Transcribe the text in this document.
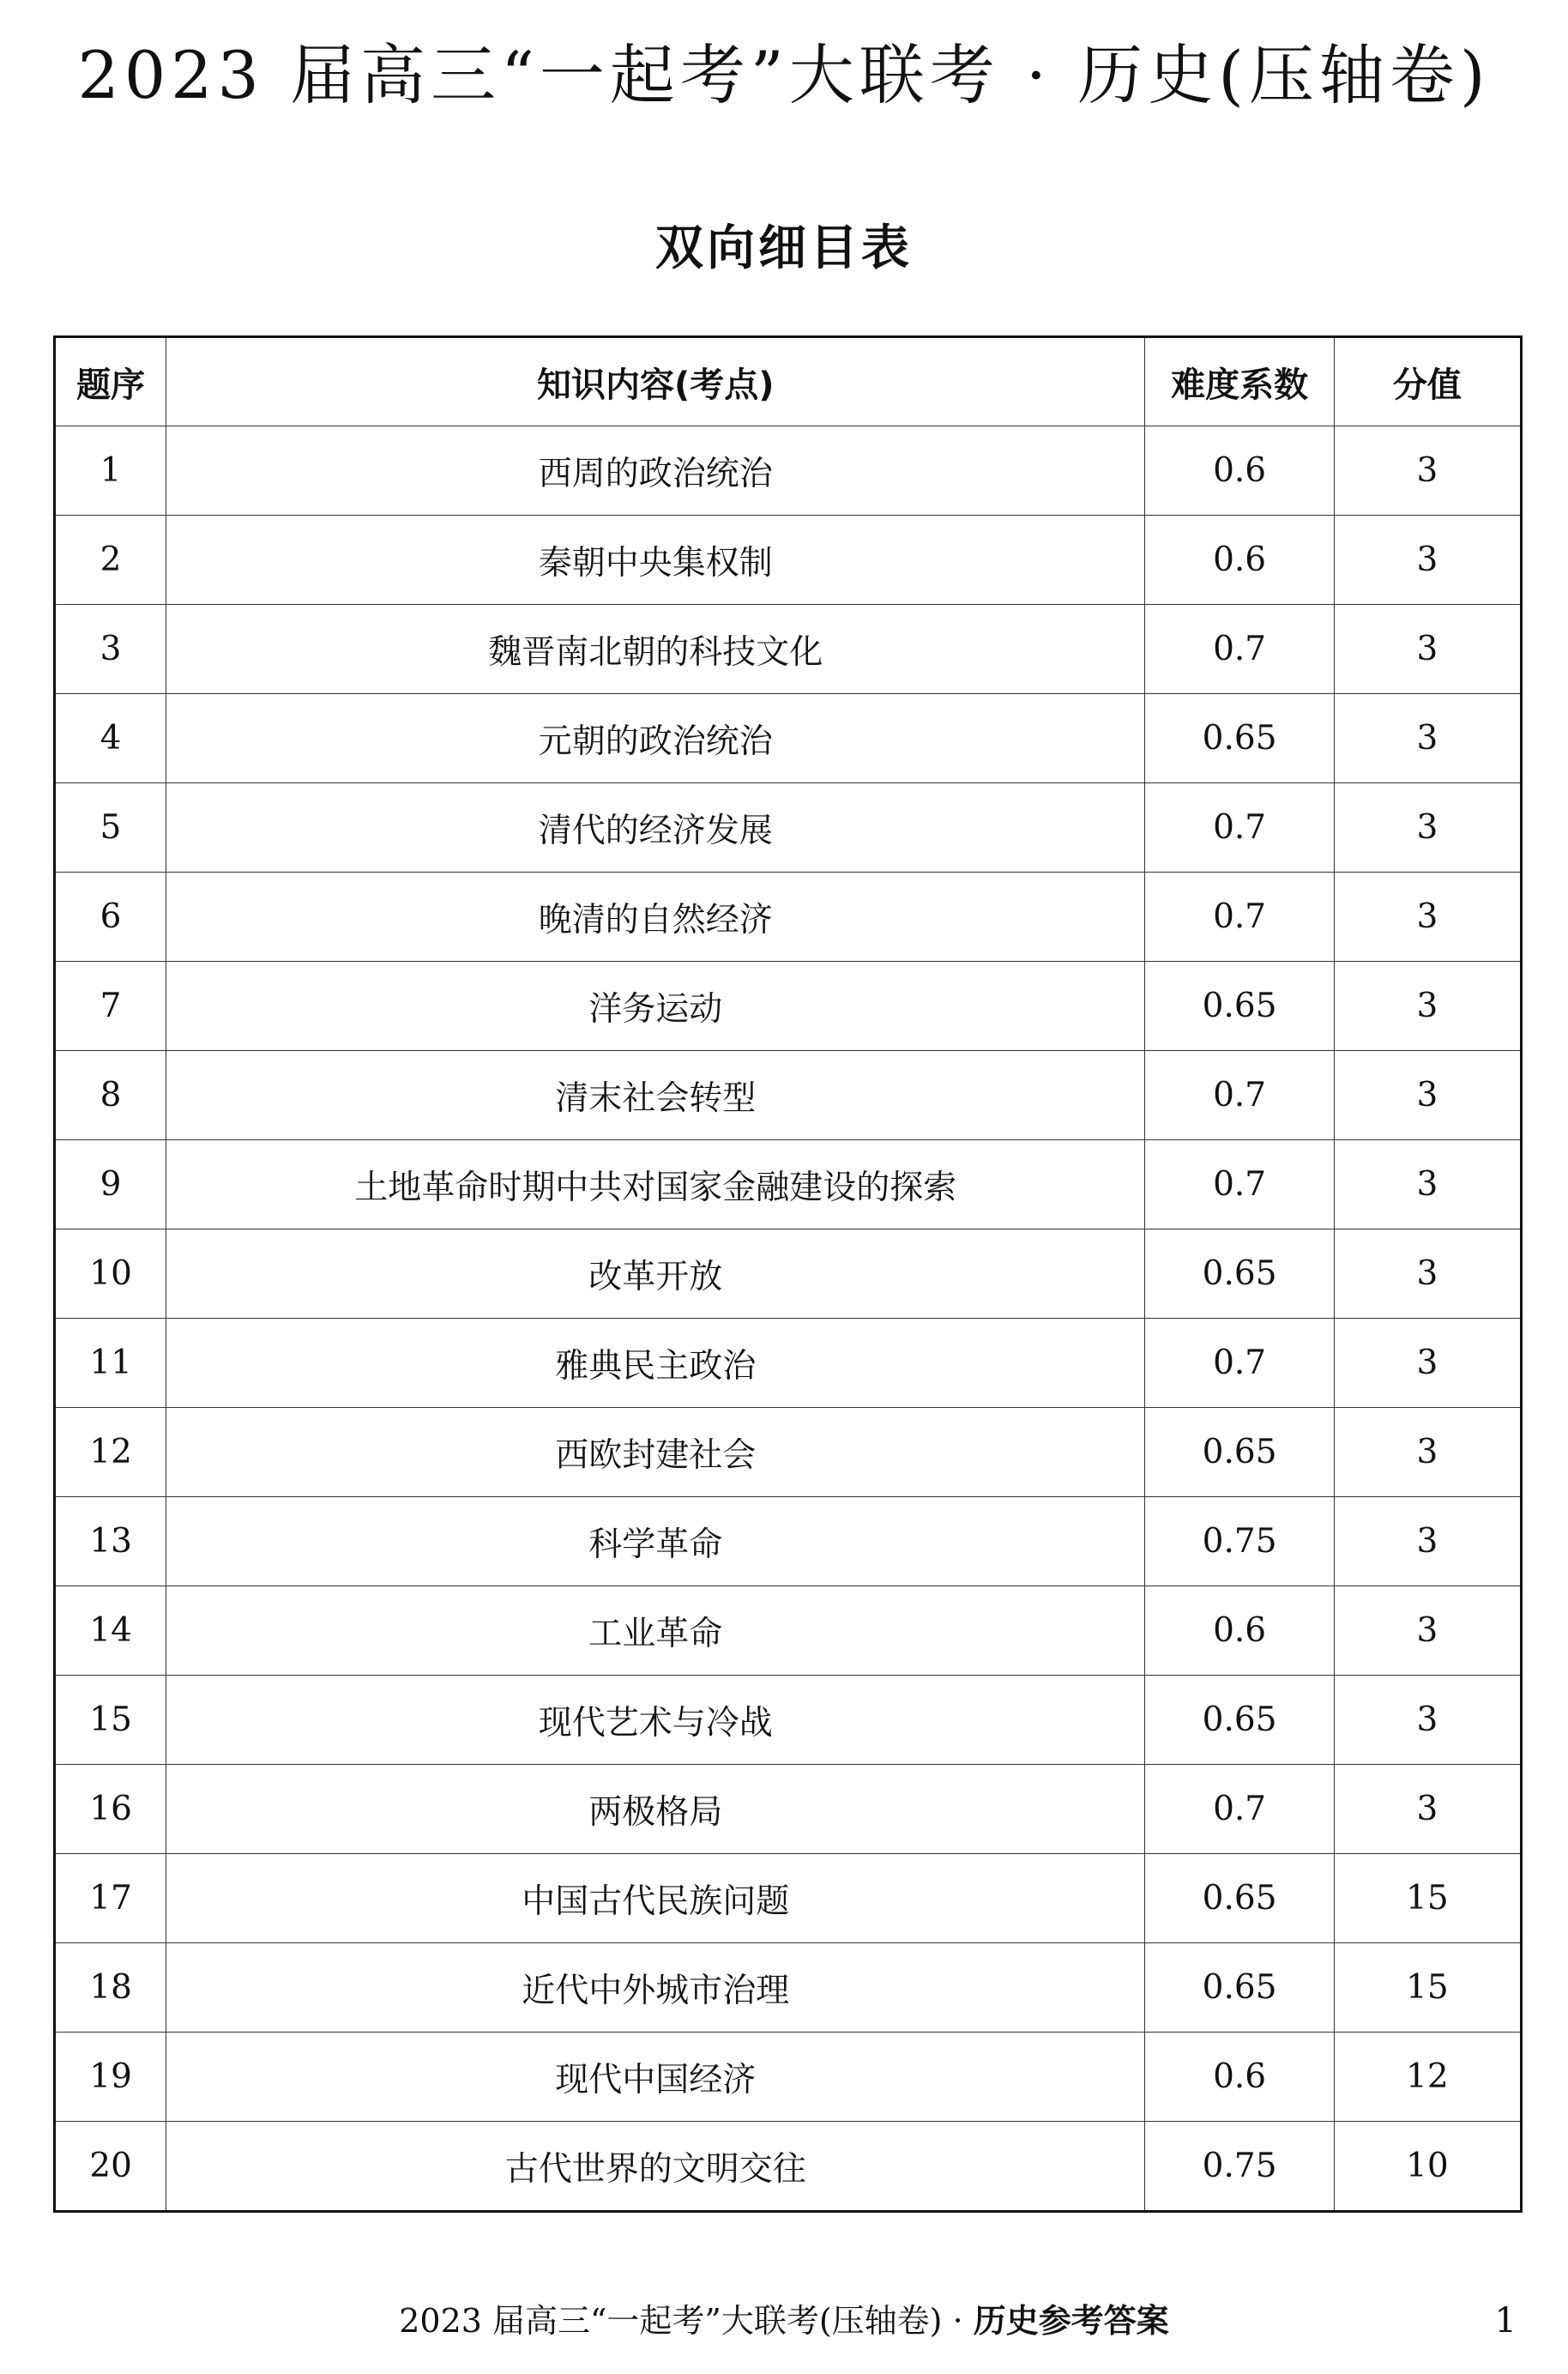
2023 届高三“一起考”大联考 · 历史(压轴卷)
双向细目表
题序	知识内容(考点)	难度系数	分值
1	西周的政治统治	0.6	3
2	秦朝中央集权制	0.6	3
3	魏晋南北朝的科技文化	0.7	3
4	元朝的政治统治	0.65	3
5	清代的经济发展	0.7	3
6	晚清的自然经济	0.7	3
7	洋务运动	0.65	3
8	清末社会转型	0.7	3
9	土地革命时期中共对国家金融建设的探索	0.7	3
10	改革开放	0.65	3
11	雅典民主政治	0.7	3
12	西欧封建社会	0.65	3
13	科学革命	0.75	3
14	工业革命	0.6	3
15	现代艺术与冷战	0.65	3
16	两极格局	0.7	3
17	中国古代民族问题	0.65	15
18	近代中外城市治理	0.65	15
19	现代中国经济	0.6	12
20	古代世界的文明交往	0.75	10
2023 届高三“一起考”大联考(压轴卷) · 历史参考答案	1
